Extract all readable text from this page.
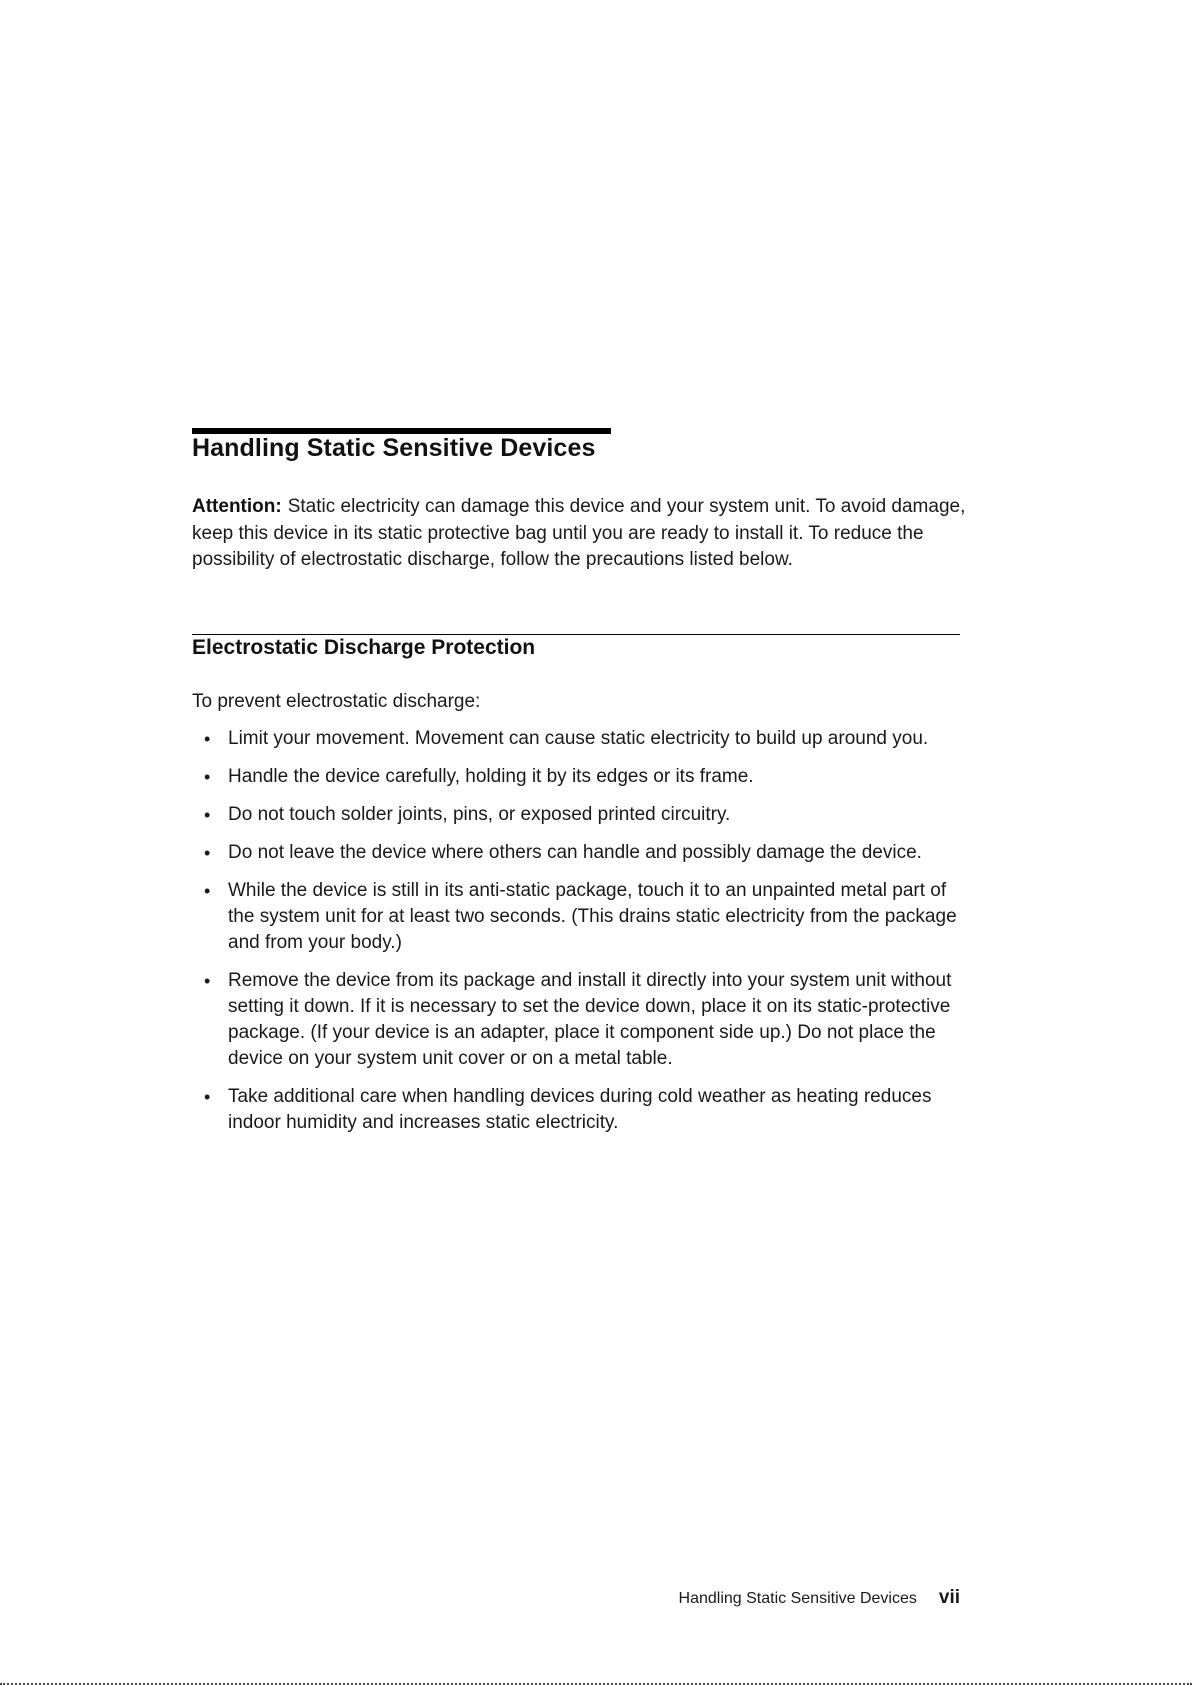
Handling Static Sensitive Devices

Attention: Static electricity can damage this device and your system unit. To avoid damage, keep this device in its static protective bag until you are ready to install it. To reduce the possibility of electrostatic discharge, follow the precautions listed below.

Electrostatic Discharge Protection

To prevent electrostatic discharge:

• Limit your movement. Movement can cause static electricity to build up around you.
• Handle the device carefully, holding it by its edges or its frame.
• Do not touch solder joints, pins, or exposed printed circuitry.
• Do not leave the device where others can handle and possibly damage the device.
• While the device is still in its anti-static package, touch it to an unpainted metal part of the system unit for at least two seconds. (This drains static electricity from the package and from your body.)
• Remove the device from its package and install it directly into your system unit without setting it down. If it is necessary to set the device down, place it on its static-protective package. (If your device is an adapter, place it component side up.) Do not place the device on your system unit cover or on a metal table.
• Take additional care when handling devices during cold weather as heating reduces indoor humidity and increases static electricity.
Handling Static Sensitive Devices vii
